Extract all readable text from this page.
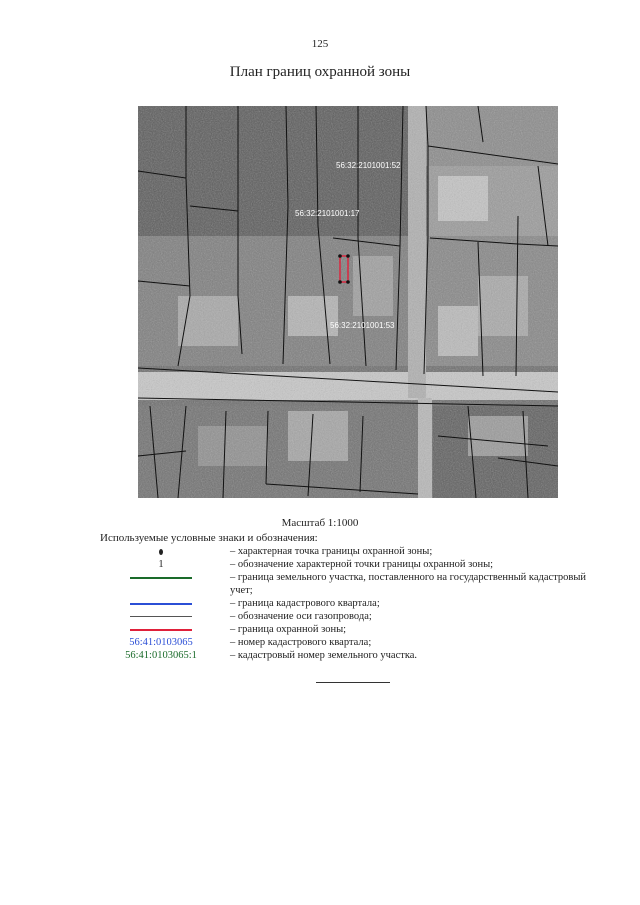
125
План границ охранной зоны
56:32:2101001:52
56:32:2101001:17
56:32:2101001:53
Масштаб 1:1000
Используемые условные знаки и обозначения:
– характерная точка границы охранной зоны;
1	– обозначение характерной точки границы охранной зоны;
– граница земельного участка, поставленного на государственный кадастровый учет;
– граница кадастрового квартала;
– обозначение оси газопровода;
– граница охранной зоны;
56:41:0103065	– номер кадастрового квартала;
56:41:0103065:1	– кадастровый номер земельного участка.
